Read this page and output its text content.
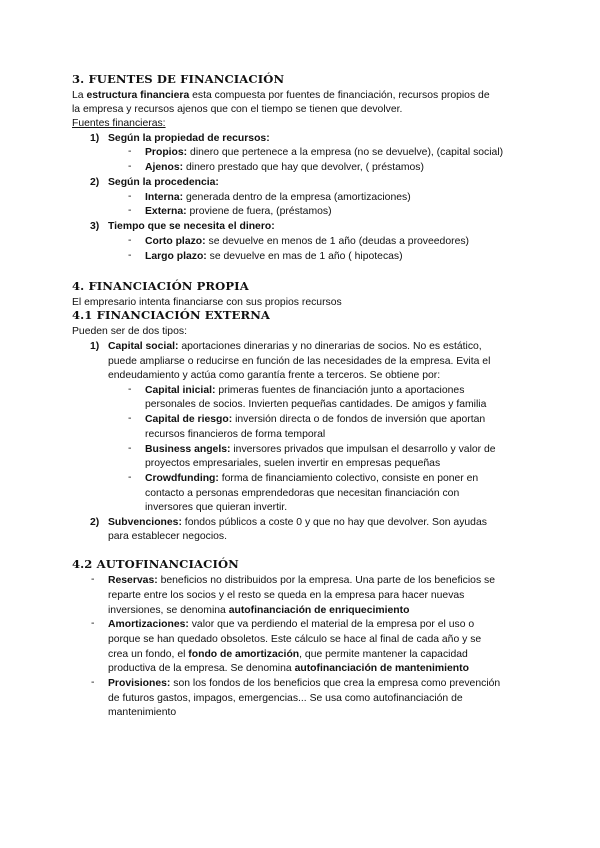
3. FUENTES DE FINANCIACIÓN
La estructura financiera esta compuesta por fuentes de financiación, recursos propios de
la empresa y recursos ajenos que con el tiempo se tienen que devolver.
Fuentes financieras:
1) Según la propiedad de recursos:
- Propios: dinero que pertenece a la empresa (no se devuelve), (capital social)
- Ajenos: dinero prestado que hay que devolver, ( préstamos)
2) Según la procedencia:
- Interna: generada dentro de la empresa (amortizaciones)
- Externa: proviene de fuera, (préstamos)
3) Tiempo que se necesita el dinero:
- Corto plazo: se devuelve en menos de 1 año (deudas a proveedores)
- Largo plazo: se devuelve en mas de 1 año ( hipotecas)
4. FINANCIACIÓN PROPIA
El empresario intenta financiarse con sus propios recursos
4.1 FINANCIACIÓN EXTERNA
Pueden ser de dos tipos:
1) Capital social: aportaciones dinerarias y no dinerarias de socios. No es estático,
puede ampliarse o reducirse en función de las necesidades de la empresa. Evita el
endeudamiento y actúa como garantía frente a terceros. Se obtiene por:
- Capital inicial: primeras fuentes de financiación junto a aportaciones
personales de socios. Invierten pequeñas cantidades. De amigos y familia
- Capital de riesgo: inversión directa o de fondos de inversión que aportan
recursos financieros de forma temporal
- Business angels: inversores privados que impulsan el desarrollo y valor de
proyectos empresariales, suelen invertir en empresas pequeñas
- Crowdfunding: forma de financiamiento colectivo, consiste en poner en
contacto a personas emprendedoras que necesitan financiación con
inversores que quieran invertir.
2) Subvenciones: fondos públicos a coste 0 y que no hay que devolver. Son ayudas
para establecer negocios.
4.2 AUTOFINANCIACIÓN
- Reservas: beneficios no distribuidos por la empresa. Una parte de los beneficios se
reparte entre los socios y el resto se queda en la empresa para hacer nuevas
inversiones, se denomina autofinanciación de enriquecimiento
- Amortizaciones: valor que va perdiendo el material de la empresa por el uso o
porque se han quedado obsoletos. Este cálculo se hace al final de cada año y se
crea un fondo, el fondo de amortización, que permite mantener la capacidad
productiva de la empresa. Se denomina autofinanciación de mantenimiento
- Provisiones: son los fondos de los beneficios que crea la empresa como prevención
de futuros gastos, impagos, emergencias... Se usa como autofinanciación de
mantenimiento
